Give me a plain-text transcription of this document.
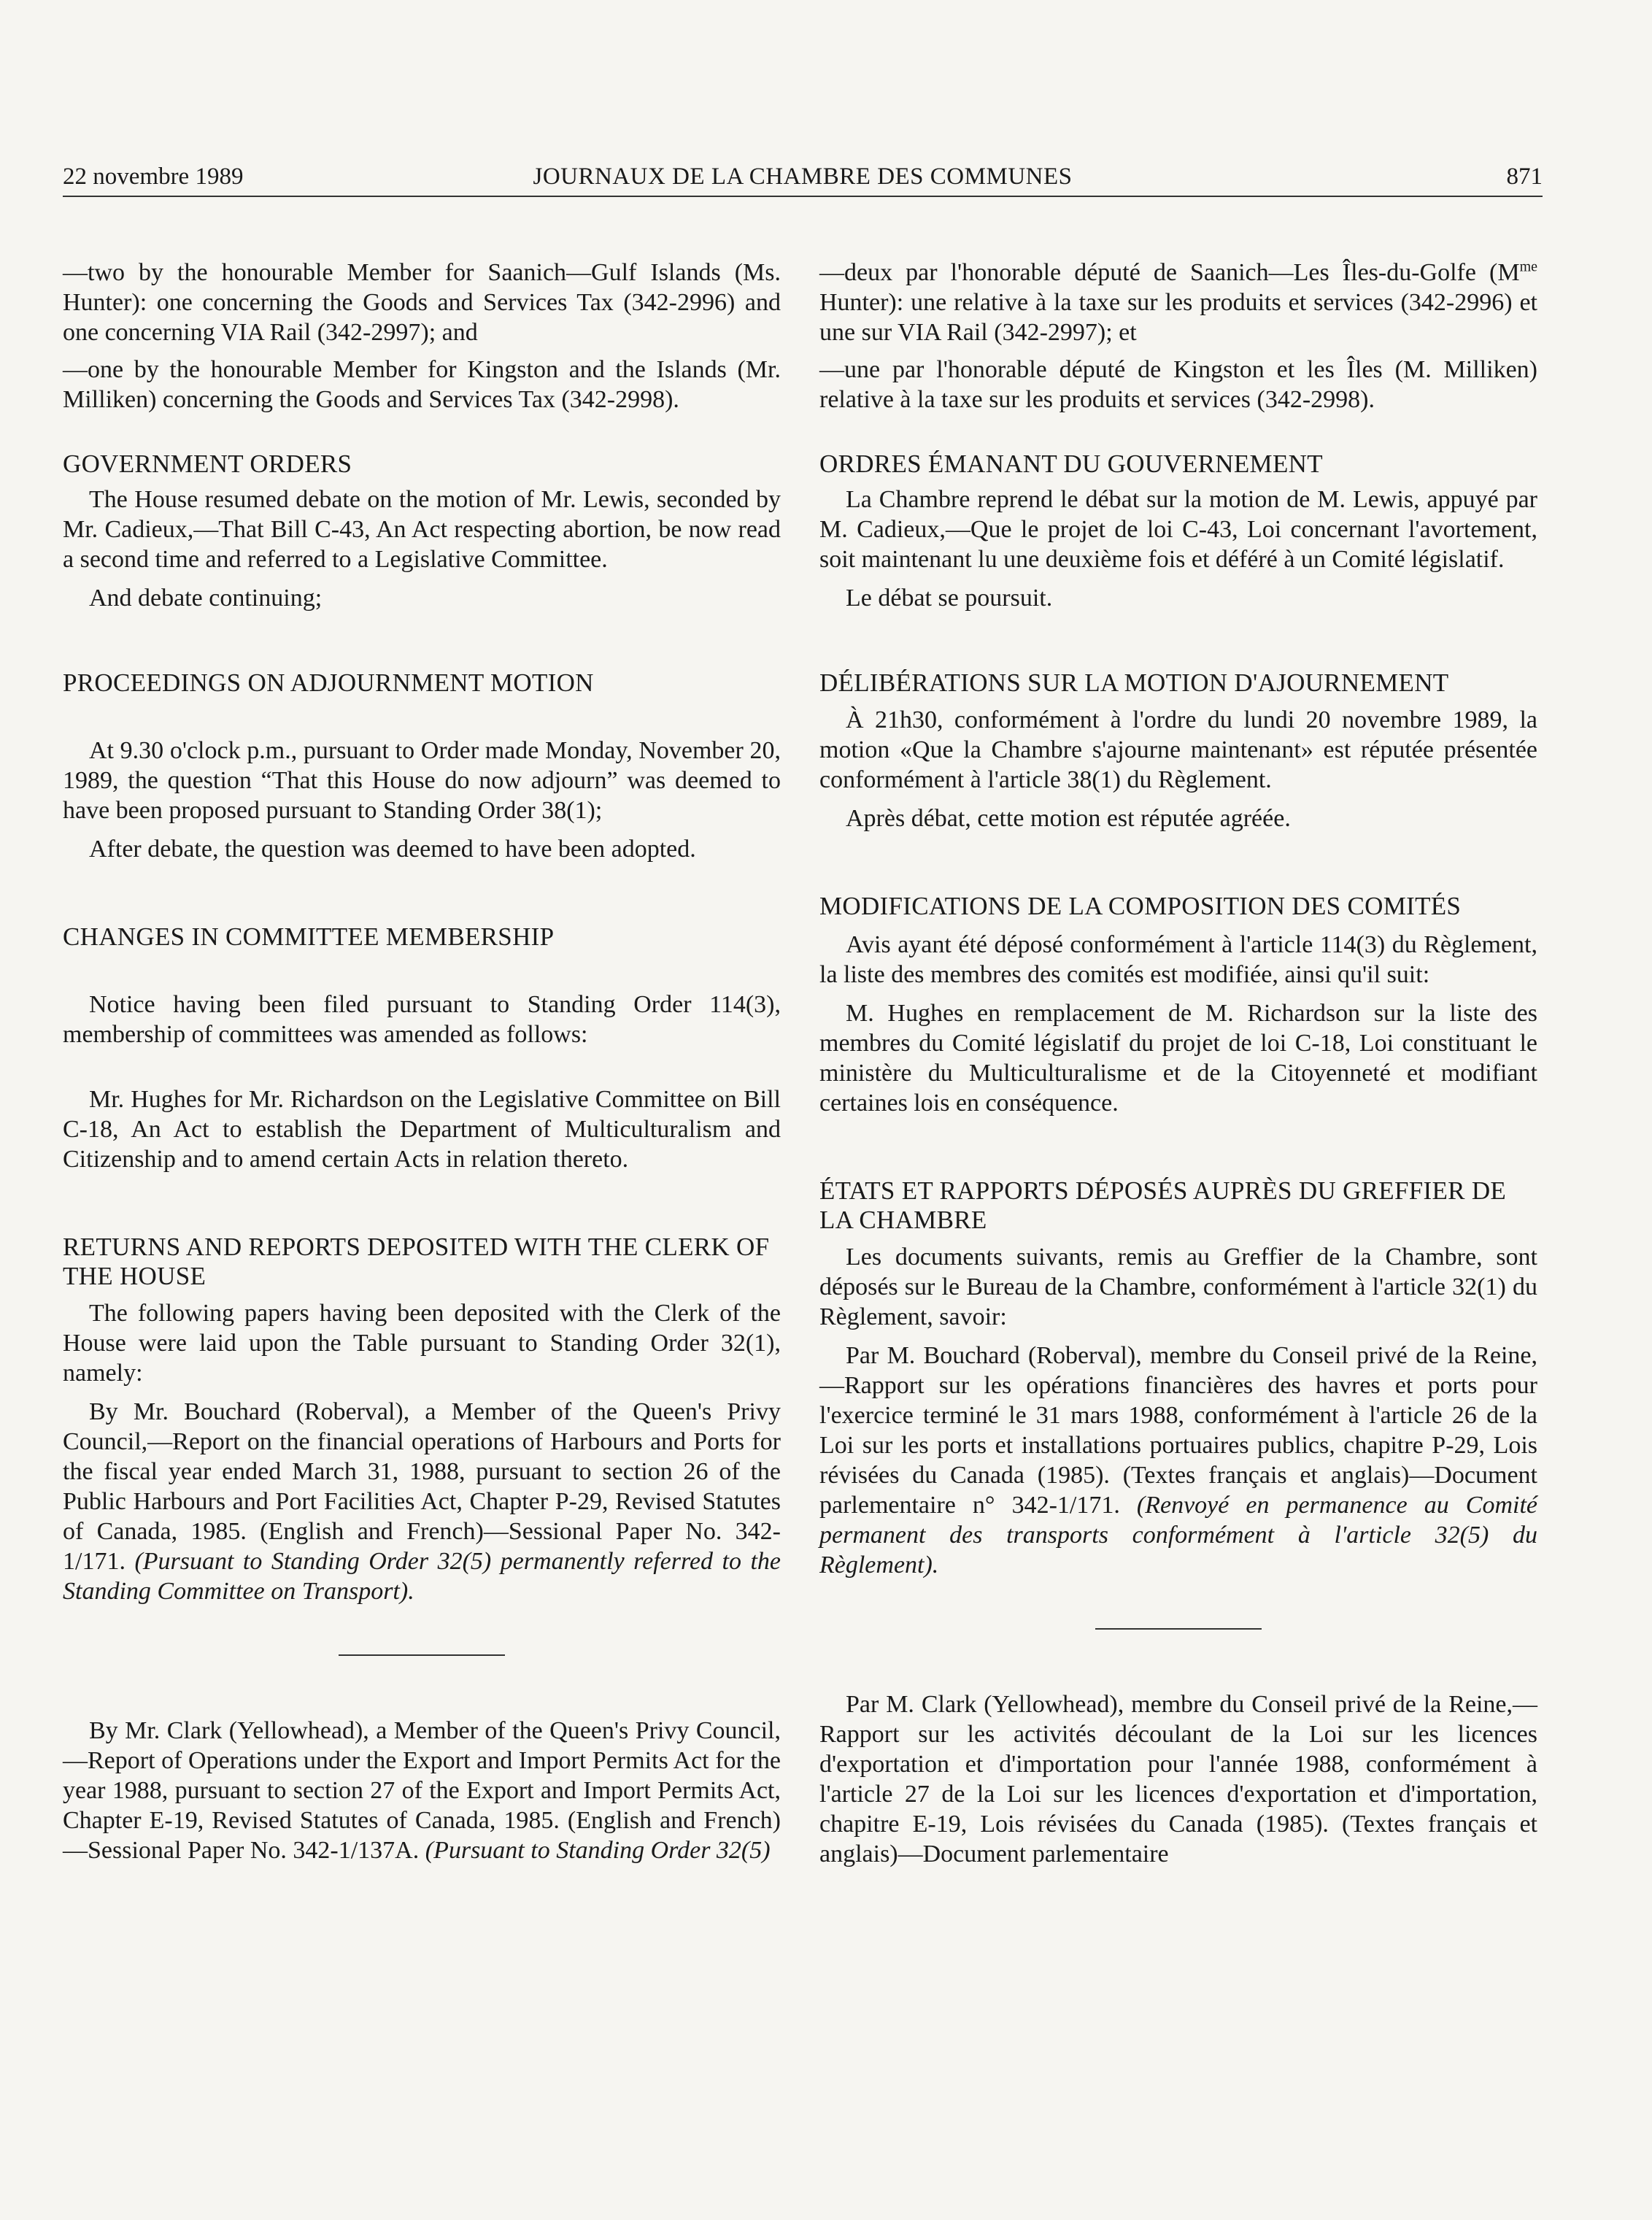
22 novembre 1989	JOURNAUX DE LA CHAMBRE DES COMMUNES	871

—two by the honourable Member for Saanich—Gulf Islands (Ms. Hunter): one concerning the Goods and Services Tax (342-2996) and one concerning VIA Rail (342-2997); and

—one by the honourable Member for Kingston and the Islands (Mr. Milliken) concerning the Goods and Services Tax (342-2998).

GOVERNMENT ORDERS

The House resumed debate on the motion of Mr. Lewis, seconded by Mr. Cadieux,—That Bill C-43, An Act respecting abortion, be now read a second time and referred to a Legislative Committee.

And debate continuing;

PROCEEDINGS ON ADJOURNMENT MOTION

At 9.30 o'clock p.m., pursuant to Order made Monday, November 20, 1989, the question “That this House do now adjourn” was deemed to have been proposed pursuant to Standing Order 38(1);

After debate, the question was deemed to have been adopted.

CHANGES IN COMMITTEE MEMBERSHIP

Notice having been filed pursuant to Standing Order 114(3), membership of committees was amended as follows:

Mr. Hughes for Mr. Richardson on the Legislative Committee on Bill C-18, An Act to establish the Department of Multiculturalism and Citizenship and to amend certain Acts in relation thereto.

RETURNS AND REPORTS DEPOSITED WITH THE CLERK OF THE HOUSE

The following papers having been deposited with the Clerk of the House were laid upon the Table pursuant to Standing Order 32(1), namely:

By Mr. Bouchard (Roberval), a Member of the Queen's Privy Council,—Report on the financial operations of Harbours and Ports for the fiscal year ended March 31, 1988, pursuant to section 26 of the Public Harbours and Port Facilities Act, Chapter P-29, Revised Statutes of Canada, 1985. (English and French)—Sessional Paper No. 342-1/171. (Pursuant to Standing Order 32(5) permanently referred to the Standing Committee on Transport).

By Mr. Clark (Yellowhead), a Member of the Queen's Privy Council,—Report of Operations under the Export and Import Permits Act for the year 1988, pursuant to section 27 of the Export and Import Permits Act, Chapter E-19, Revised Statutes of Canada, 1985. (English and French)—Sessional Paper No. 342-1/137A. (Pursuant to Standing Order 32(5)

—deux par l'honorable député de Saanich—Les Îles-du-Golfe ($M^{me}$ Hunter): une relative à la taxe sur les produits et services (342-2996) et une sur VIA Rail (342-2997); et

—une par l'honorable député de Kingston et les Îles (M. Milliken) relative à la taxe sur les produits et services (342-2998).

ORDRES ÉMANANT DU GOUVERNEMENT

La Chambre reprend le débat sur la motion de M. Lewis, appuyé par M. Cadieux,—Que le projet de loi C-43, Loi concernant l'avortement, soit maintenant lu une deuxième fois et déféré à un Comité législatif.

Le débat se poursuit.

DÉLIBÉRATIONS SUR LA MOTION D'AJOURNEMENT

À 21h30, conformément à l'ordre du lundi 20 novembre 1989, la motion «Que la Chambre s'ajourne maintenant» est réputée présentée conformément à l'article 38(1) du Règlement.

Après débat, cette motion est réputée agréée.

MODIFICATIONS DE LA COMPOSITION DES COMITÉS

Avis ayant été déposé conformément à l'article 114(3) du Règlement, la liste des membres des comités est modifiée, ainsi qu'il suit:

M. Hughes en remplacement de M. Richardson sur la liste des membres du Comité législatif du projet de loi C-18, Loi constituant le ministère du Multiculturalisme et de la Citoyenneté et modifiant certaines lois en conséquence.

ÉTATS ET RAPPORTS DÉPOSÉS AUPRÈS DU GREFFIER DE LA CHAMBRE

Les documents suivants, remis au Greffier de la Chambre, sont déposés sur le Bureau de la Chambre, conformément à l'article 32(1) du Règlement, savoir:

Par M. Bouchard (Roberval), membre du Conseil privé de la Reine,—Rapport sur les opérations financières des havres et ports pour l'exercice terminé le 31 mars 1988, conformément à l'article 26 de la Loi sur les ports et installations portuaires publics, chapitre P-29, Lois révisées du Canada (1985). (Textes français et anglais)—Document parlementaire n° 342-1/171. (Renvoyé en permanence au Comité permanent des transports conformément à l'article 32(5) du Règlement).

Par M. Clark (Yellowhead), membre du Conseil privé de la Reine,—Rapport sur les activités découlant de la Loi sur les licences d'exportation et d'importation pour l'année 1988, conformément à l'article 27 de la Loi sur les licences d'exportation et d'importation, chapitre E-19, Lois révisées du Canada (1985). (Textes français et anglais)—Document parlementaire
